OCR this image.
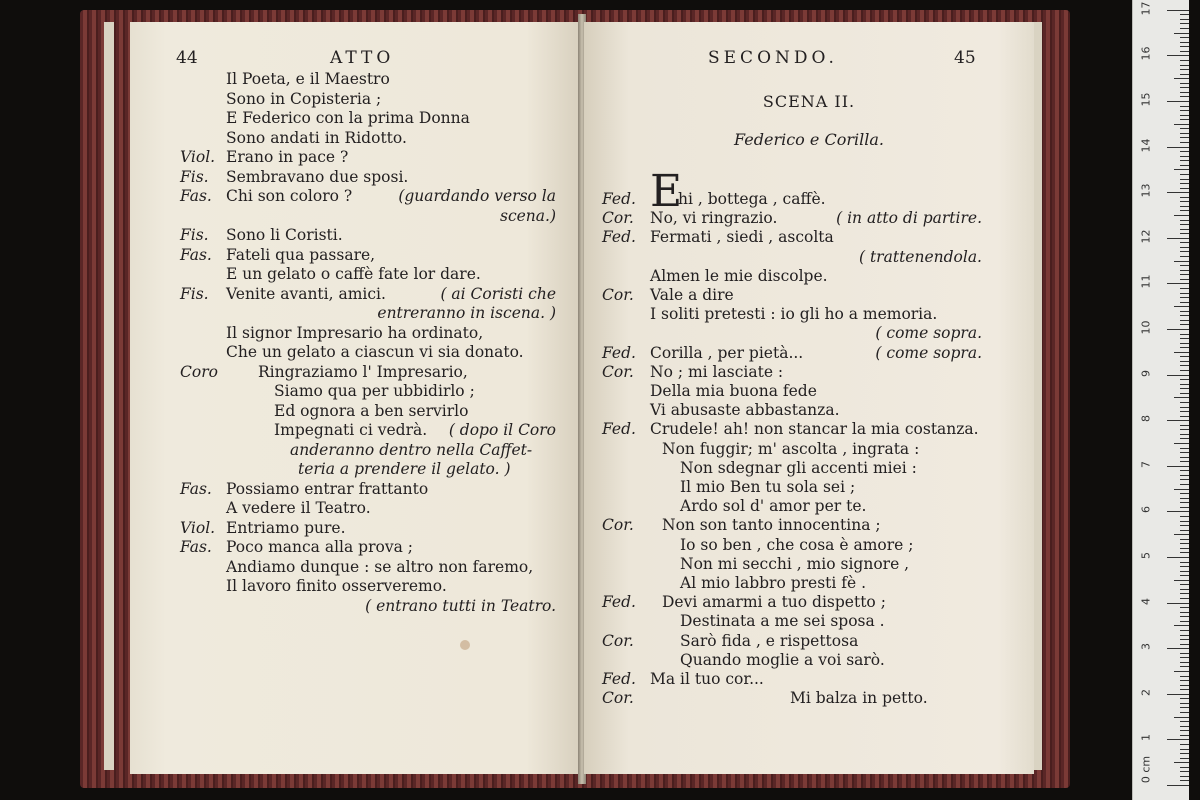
44	ATTO
Il Poeta, e il Maestro
Sono in Copisteria ;
E Federico con la prima Donna
Sono andati in Ridotto.
Viol. Erano in pace ?
Fis. Sembravano due sposi.
Fas. Chi son coloro ?	(guardando verso la
scena.)
Fis. Sono li Coristi.
Fas. Fateli qua passare,
E un gelato o caffè fate lor dare.
Fis. Venite avanti, amici.	( ai Coristi che
entreranno in iscena. )
Il signor Impresario ha ordinato,
Che un gelato a ciascun vi sia donato.
Coro	Ringraziamo l' Impresario,
Siamo qua per ubbidirlo ;
Ed ognora a ben servirlo
Impegnati ci vedrà. ( dopo il Coro
anderanno dentro nella Caffet-
teria a prendere il gelato. )
Fas. Possiamo entrar frattanto
A vedere il Teatro.
Viol. Entriamo pure.
Fas. Poco manca alla prova ;
Andiamo dunque : se altro non faremo,
Il lavoro finito osserveremo.
( entrano tutti in Teatro.
SECONDO.	45
SCENA II.
Federico e Corilla.
Fed. E
hi , bottega , caffè.
Cor. No, vi ringrazio.	( in atto di partire.
Fed. Fermati , siedi , ascolta
( trattenendola.
Almen le mie discolpe.
Cor. Vale a dire
I soliti pretesti : io gli ho a memoria.
( come sopra.
Fed. Corilla , per pietà...	( come sopra.
Cor. No ; mi lasciate :
Della mia buona fede
Vi abusaste abbastanza.
Fed. Crudele! ah! non stancar la mia costanza.
Non fuggir; m' ascolta , ingrata :
Non sdegnar gli accenti miei :
Il mio Ben tu sola sei ;
Ardo sol d' amor per te.
Cor. Non son tanto innocentina ;
Io so ben , che cosa è amore ;
Non mi secchi , mio signore ,
Al mio labbro presti fè .
Fed. Devi amarmi a tuo dispetto ;
Destinata a me sei sposa .
Cor.	Sarò fida , e rispettosa
Quando moglie a voi sarò.
Fed. Ma il tuo cor...
Cor.	Mi balza in petto.
0 cm
1
2
3
4
5
6
7
8
9
10
11
12
13
14
15
16
17
